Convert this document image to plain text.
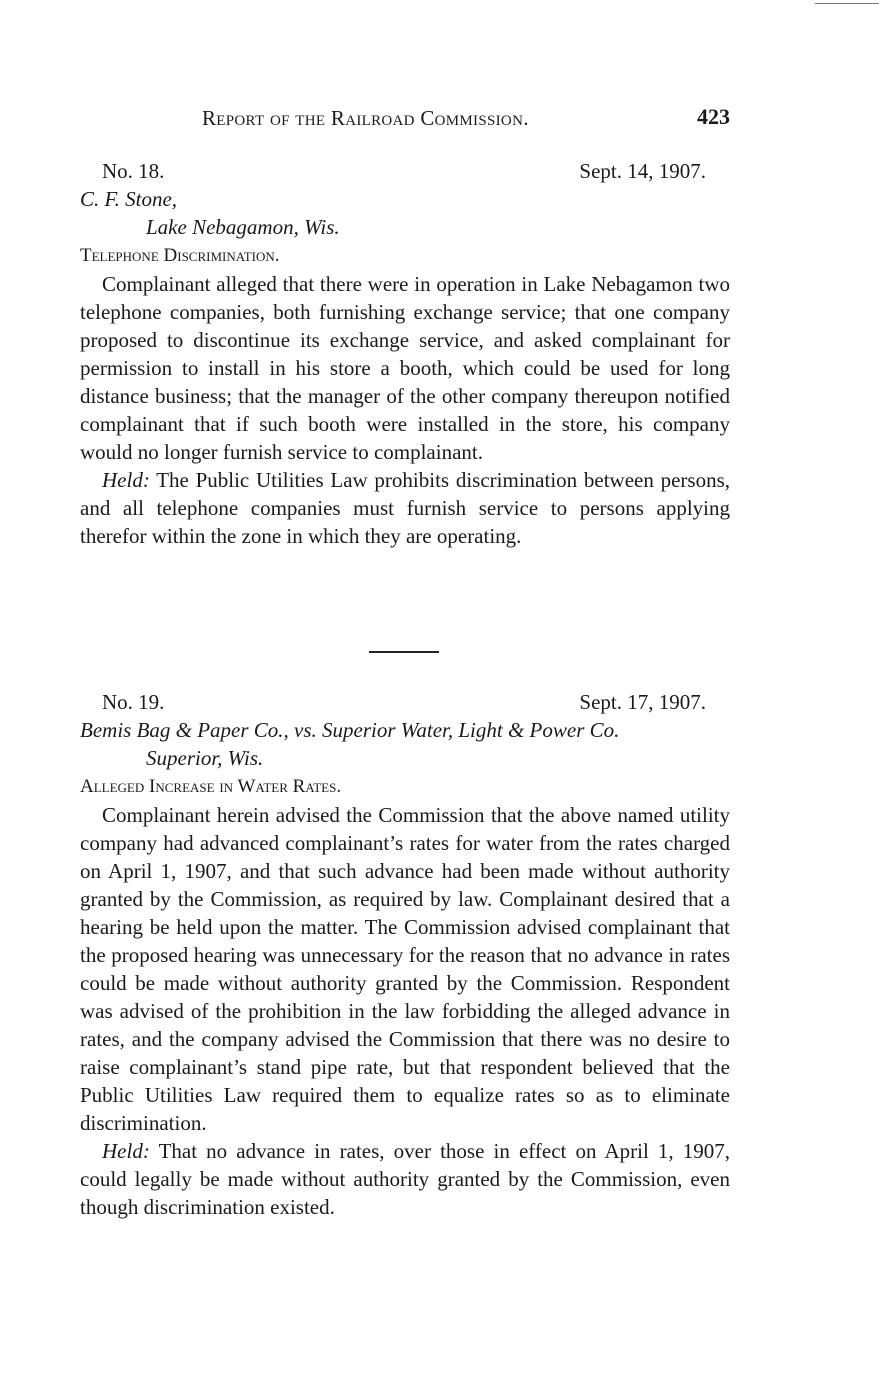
Report of the Railroad Commission.	423
No. 18.	Sept. 14, 1907.
C. F. Stone,
Lake Nebagamon, Wis.
Telephone Discrimination.

Complainant alleged that there were in operation in Lake Nebagamon two telephone companies, both furnishing exchange service; that one company proposed to discontinue its exchange service, and asked complainant for permission to install in his store a booth, which could be used for long distance business; that the manager of the other company thereupon notified complainant that if such booth were installed in the store, his company would no longer furnish service to complainant.

Held: The Public Utilities Law prohibits discrimination between persons, and all telephone companies must furnish service to persons applying therefor within the zone in which they are operating.

No. 19.	Sept. 17, 1907.
Bemis Bag & Paper Co., vs. Superior Water, Light & Power Co.
Superior, Wis.
Alleged Increase in Water Rates.

Complainant herein advised the Commission that the above named utility company had advanced complainant’s rates for water from the rates charged on April 1, 1907, and that such advance had been made without authority granted by the Commission, as required by law. Complainant desired that a hearing be held upon the matter. The Commission advised complainant that the proposed hearing was unnecessary for the reason that no advance in rates could be made without authority granted by the Commission. Respondent was advised of the prohibition in the law forbidding the alleged advance in rates, and the company advised the Commission that there was no desire to raise complainant’s stand pipe rate, but that respondent believed that the Public Utilities Law required them to equalize rates so as to eliminate discrimination.

Held: That no advance in rates, over those in effect on April 1, 1907, could legally be made without authority granted by the Commission, even though discrimination existed.
